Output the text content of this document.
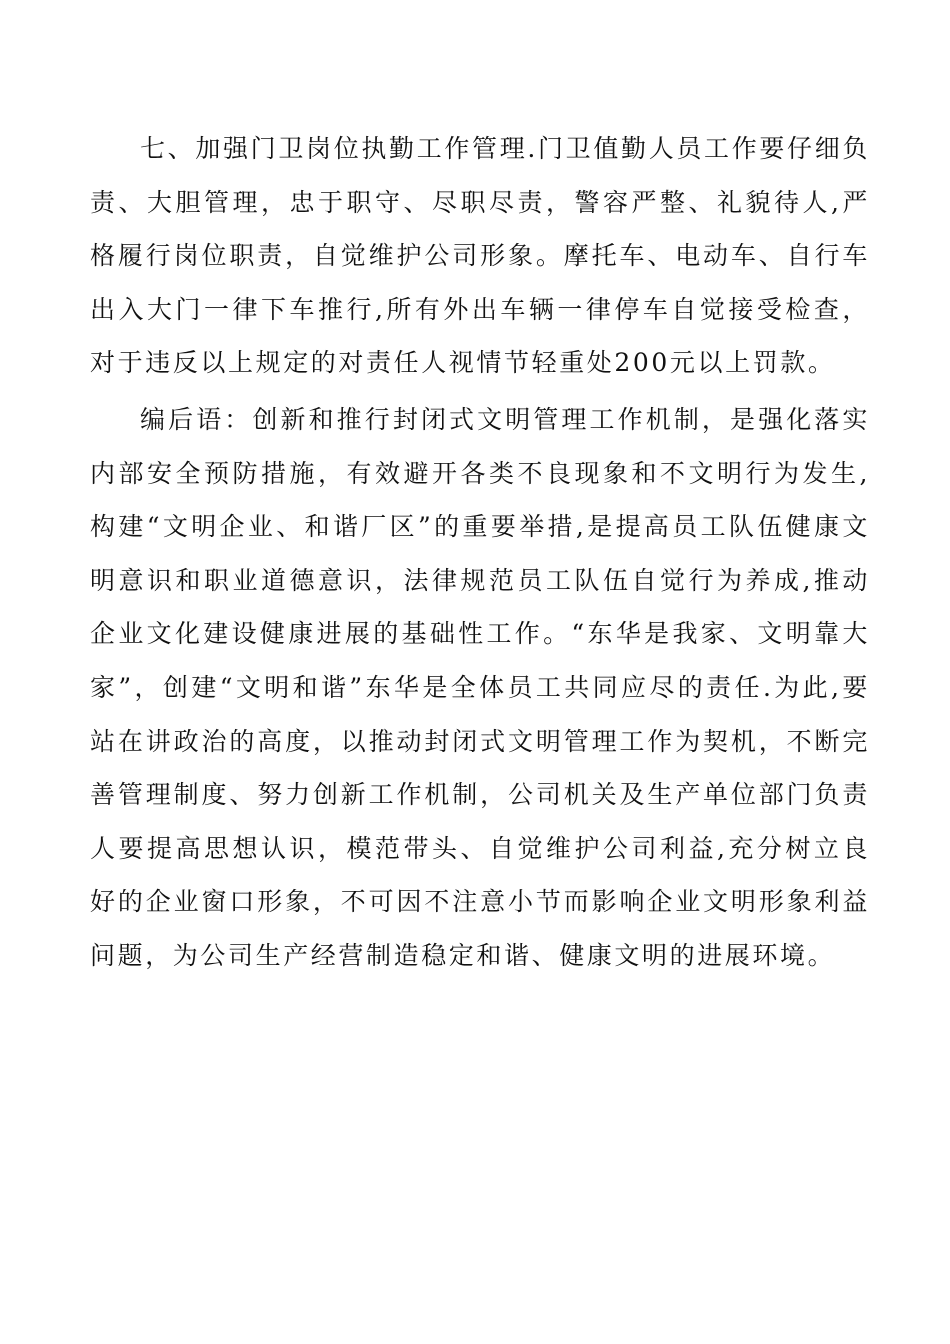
七、加强门卫岗位执勤工作管理.门卫值勤人员工作要仔细负责、大胆管理，忠于职守、尽职尽责，警容严整、礼貌待人,严格履行岗位职责，自觉维护公司形象。摩托车、电动车、自行车出入大门一律下车推行,所有外出车辆一律停车自觉接受检查，对于违反以上规定的对责任人视情节轻重处200元以上罚款。

编后语：创新和推行封闭式文明管理工作机制，是强化落实内部安全预防措施，有效避开各类不良现象和不文明行为发生,构建“文明企业、和谐厂区”的重要举措,是提高员工队伍健康文明意识和职业道德意识，法律规范员工队伍自觉行为养成,推动企业文化建设健康进展的基础性工作。“东华是我家、文明靠大家”，创建“文明和谐”东华是全体员工共同应尽的责任.为此,要站在讲政治的高度，以推动封闭式文明管理工作为契机，不断完善管理制度、努力创新工作机制，公司机关及生产单位部门负责人要提高思想认识，模范带头、自觉维护公司利益,充分树立良好的企业窗口形象，不可因不注意小节而影响企业文明形象利益问题，为公司生产经营制造稳定和谐、健康文明的进展环境。
